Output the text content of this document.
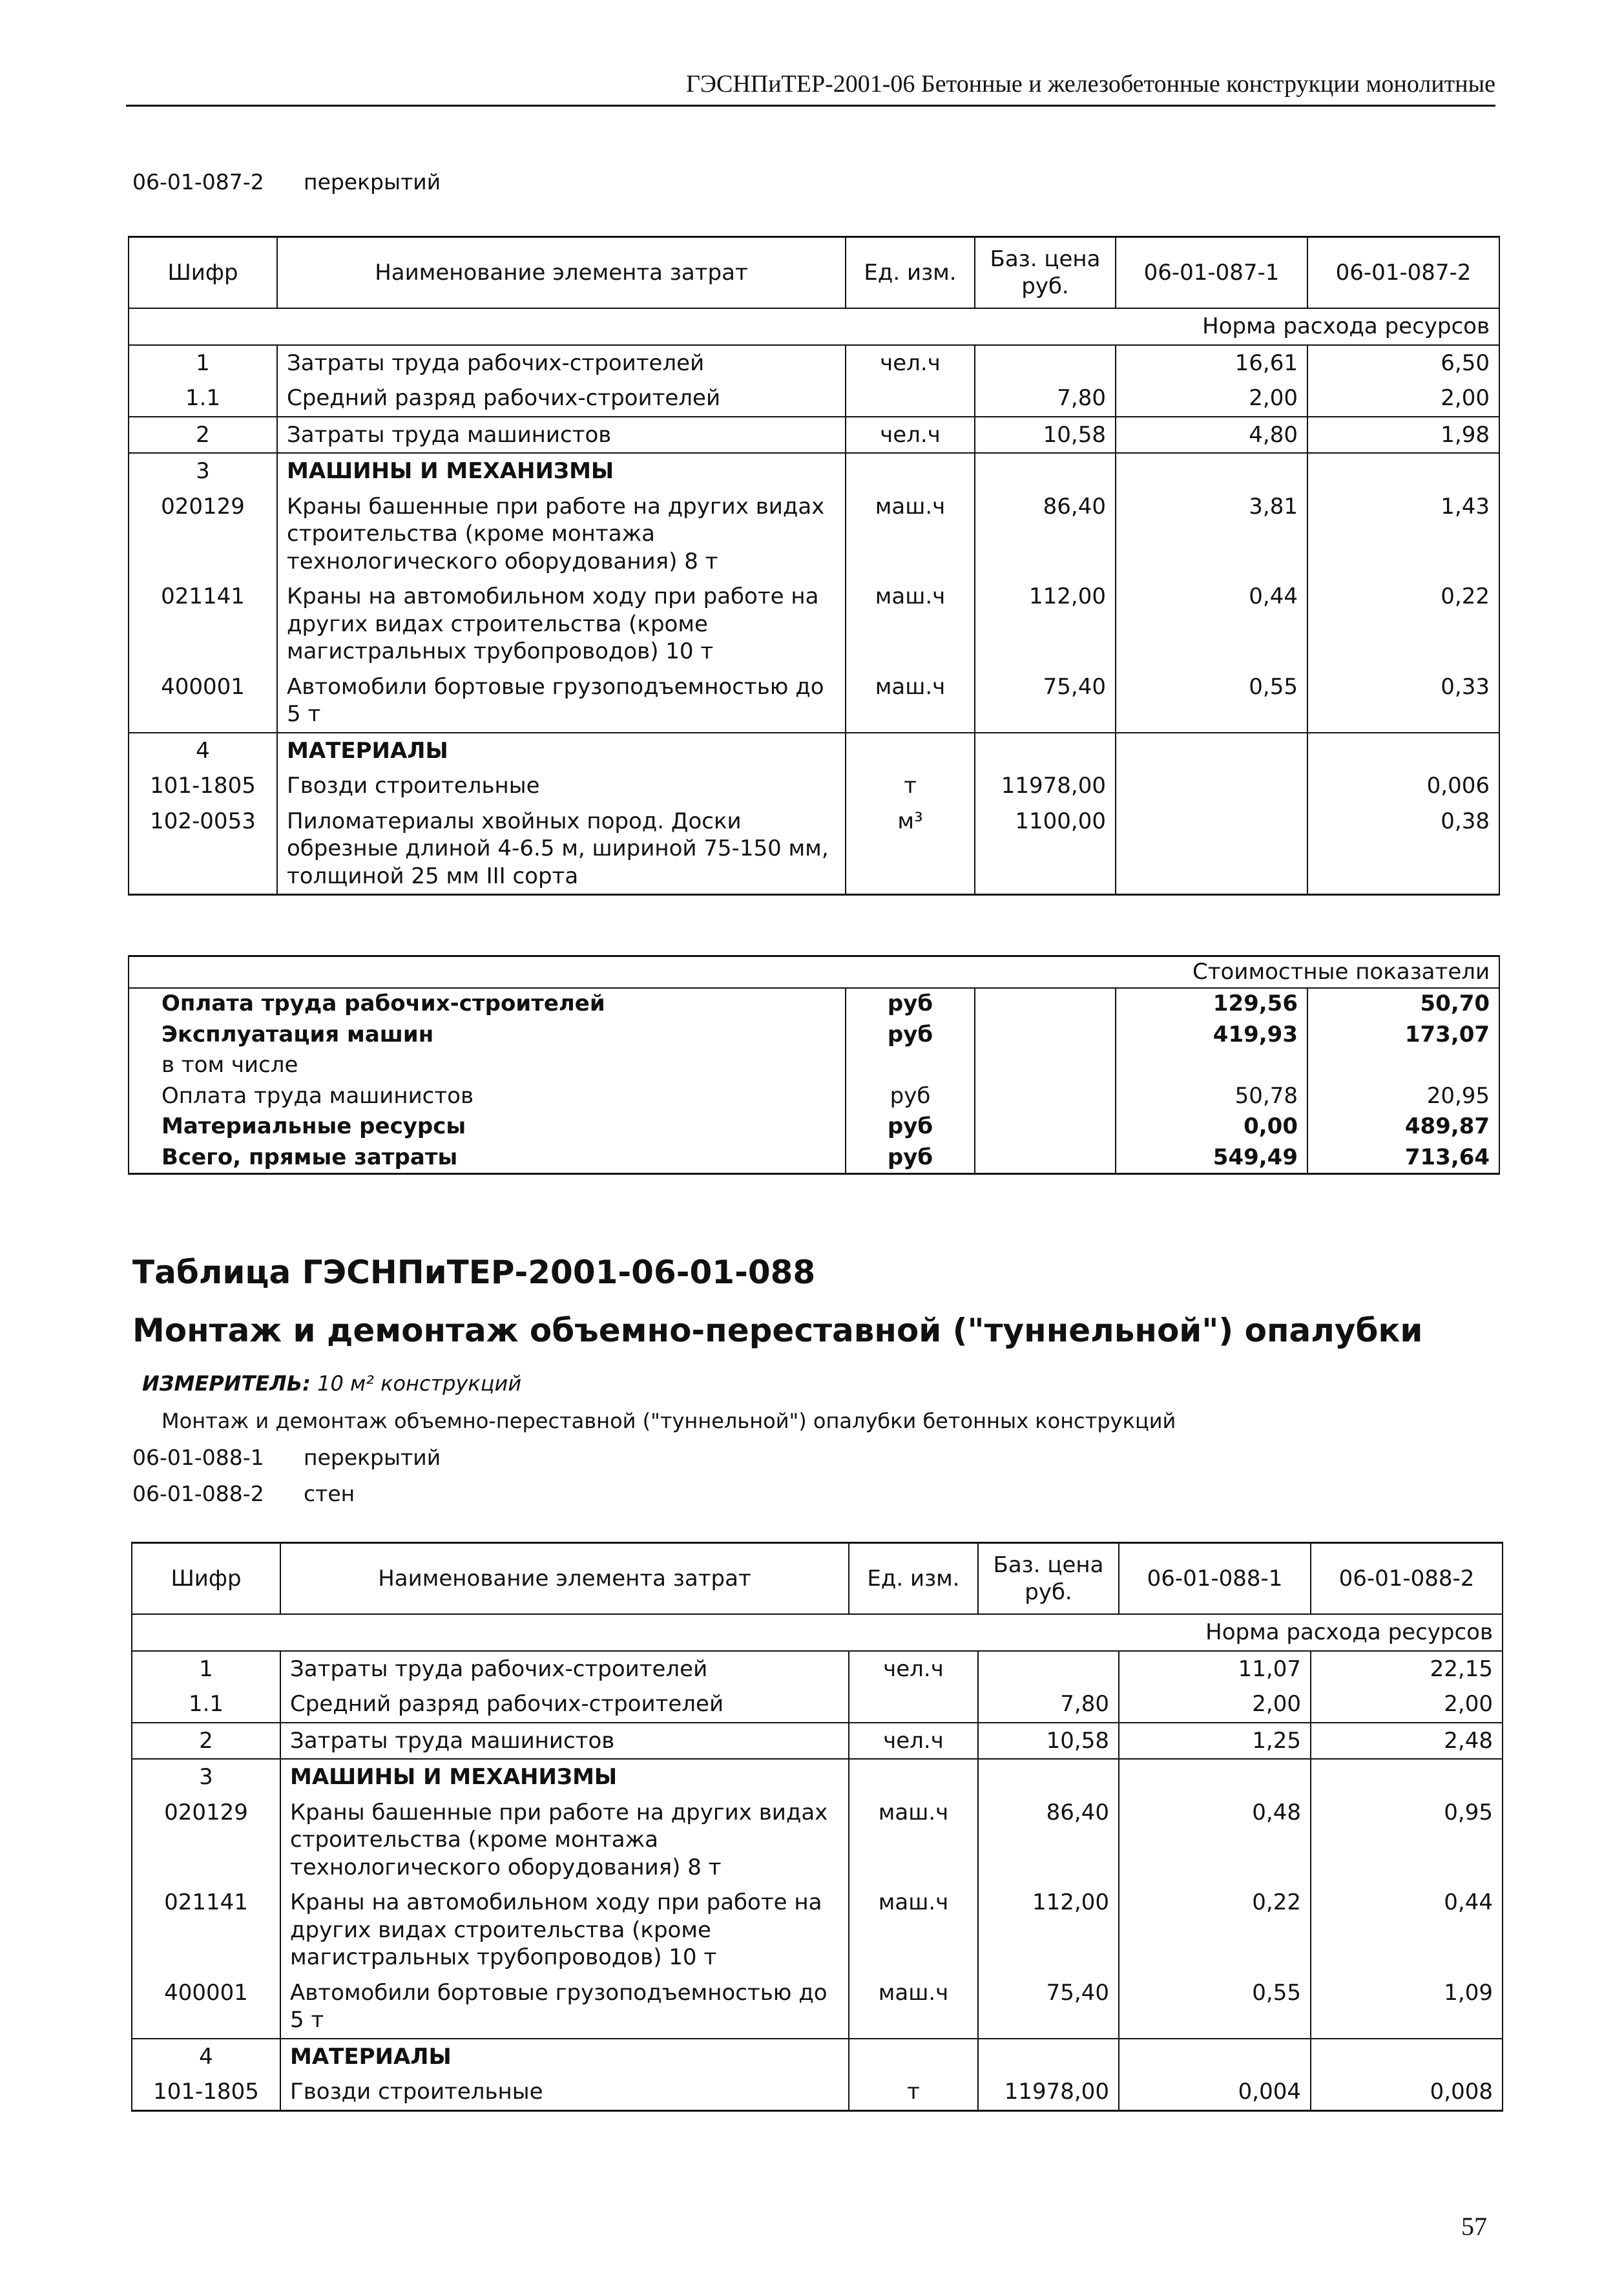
ГЭСНПиТЕР-2001-06 Бетонные и железобетонные конструкции монолитные
06-01-087-2 перекрытий
Шифр	Наименование элемента затрат	Ед. изм.	Баз. цена руб.	06-01-087-1	06-01-087-2
Норма расхода ресурсов					
1	Затраты труда рабочих-строителей	чел.ч		16,61	6,50
1.1	Средний разряд рабочих-строителей		7,80	2,00	2,00
2	Затраты труда машинистов	чел.ч	10,58	4,80	1,98
3	МАШИНЫ И МЕХАНИЗМЫ				
020129	Краны башенные при работе на других видах строительства (кроме монтажа технологического оборудования) 8 т	маш.ч	86,40	3,81	1,43
021141	Краны на автомобильном ходу при работе на других видах строительства (кроме магистральных трубопроводов) 10 т	маш.ч	112,00	0,44	0,22
400001	Автомобили бортовые грузоподъемностью до 5 т	маш.ч	75,40	0,55	0,33
4	МАТЕРИАЛЫ				
101-1805	Гвозди строительные	т	11978,00		0,006
102-0053	Пиломатериалы хвойных пород. Доски обрезные длиной 4-6.5 м, шириной 75-150 мм, толщиной 25 мм III сорта	м³	1100,00		0,38
Стоимостные показатели				
Оплата труда рабочих-строителей	руб		129,56	50,70
Эксплуатация машин	руб		419,93	173,07
в том числе				
Оплата труда машинистов	руб		50,78	20,95
Материальные ресурсы	руб		0,00	489,87
Всего, прямые затраты	руб		549,49	713,64
Таблица ГЭСНПиТЕР-2001-06-01-088
Монтаж и демонтаж объемно-переставной ("туннельной") опалубки
ИЗМЕРИТЕЛЬ: 10 м² конструкций
Монтаж и демонтаж объемно-переставной ("туннельной") опалубки бетонных конструкций
06-01-088-1 перекрытий
06-01-088-2 стен
Шифр	Наименование элемента затрат	Ед. изм.	Баз. цена руб.	06-01-088-1	06-01-088-2
Норма расхода ресурсов					
1	Затраты труда рабочих-строителей	чел.ч		11,07	22,15
1.1	Средний разряд рабочих-строителей		7,80	2,00	2,00
2	Затраты труда машинистов	чел.ч	10,58	1,25	2,48
3	МАШИНЫ И МЕХАНИЗМЫ				
020129	Краны башенные при работе на других видах строительства (кроме монтажа технологического оборудования) 8 т	маш.ч	86,40	0,48	0,95
021141	Краны на автомобильном ходу при работе на других видах строительства (кроме магистральных трубопроводов) 10 т	маш.ч	112,00	0,22	0,44
400001	Автомобили бортовые грузоподъемностью до 5 т	маш.ч	75,40	0,55	1,09
4	МАТЕРИАЛЫ				
101-1805	Гвозди строительные	т	11978,00	0,004	0,008
57
